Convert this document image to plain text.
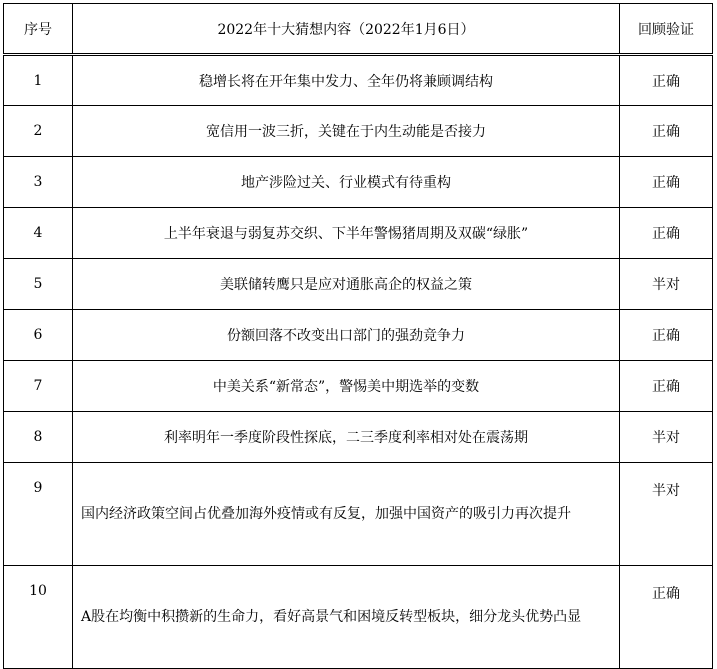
序号	2022年十大猜想内容（2022年1月6日）	回顾验证
1	稳增长将在开年集中发力、全年仍将兼顾调结构	正确
2	宽信用一波三折，关键在于内生动能是否接力	正确
3	地产涉险过关、行业模式有待重构	正确
4	上半年衰退与弱复苏交织、下半年警惕猪周期及双碳“绿胀”	正确
5	美联储转鹰只是应对通胀高企的权益之策	半对
6	份额回落不改变出口部门的强劲竞争力	正确
7	中美关系“新常态”，警惕美中期选举的变数	正确
8	利率明年一季度阶段性探底，二三季度利率相对处在震荡期	半对
9	国内经济政策空间占优叠加海外疫情或有反复，加强中国资产的吸引力再次提升	半对
10	A股在均衡中积攒新的生命力，看好高景气和困境反转型板块，细分龙头优势凸显	正确
